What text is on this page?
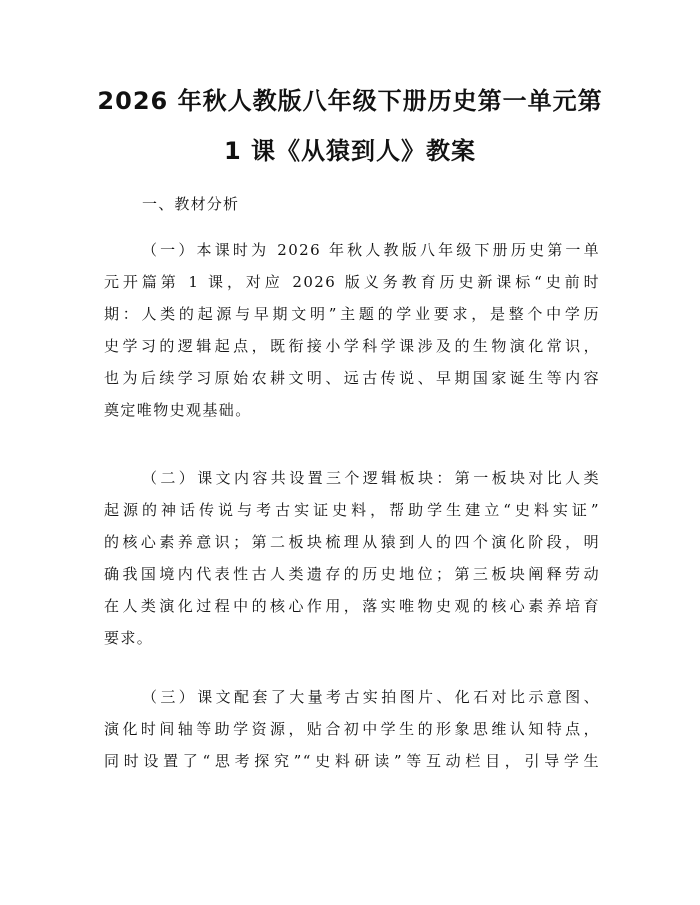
2026 年秋人教版八年级下册历史第一单元第
1 课《从猿到人》教案
一、教材分析
（一）本课时为 2026 年秋人教版八年级下册历史第一单
元开篇第 1 课，对应 2026 版义务教育历史新课标“史前时
期：人类的起源与早期文明”主题的学业要求，是整个中学历
史学习的逻辑起点，既衔接小学科学课涉及的生物演化常识，
也为后续学习原始农耕文明、远古传说、早期国家诞生等内容
奠定唯物史观基础。
（二）课文内容共设置三个逻辑板块：第一板块对比人类
起源的神话传说与考古实证史料，帮助学生建立“史料实证”
的核心素养意识；第二板块梳理从猿到人的四个演化阶段，明
确我国境内代表性古人类遗存的历史地位；第三板块阐释劳动
在人类演化过程中的核心作用，落实唯物史观的核心素养培育
要求。
（三）课文配套了大量考古实拍图片、化石对比示意图、
演化时间轴等助学资源，贴合初中学生的形象思维认知特点，
同时设置了“思考探究”“史料研读”等互动栏目，引导学生
